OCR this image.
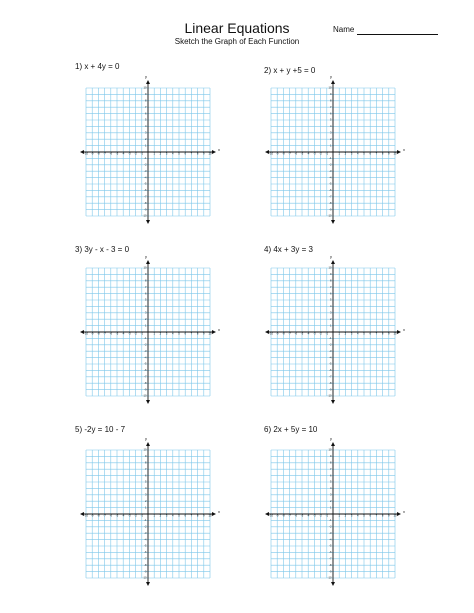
Linear Equations
Sketch the Graph of Each Function
Name
1) x + 4y = 0	2) x + y +5 = 0
3) 3y - x - 3 = 0	4) 4x + 3y = 3
5) -2y = 10 - 7	6) 2x + 5y = 10
x
y
-10 -9 -8 -7 -6 -5 -4 -3 -2 -1	1 2 3 4 5 6 7 8 9 10
10
9
8
7
6
5
4
3
2
1
-1
-2
-3
-4
-5
-6
-7
-8
-9
-10
x
y
-10 -9 -8 -7 -6 -5 -4 -3 -2 -1	1 2 3 4 5 6 7 8 9 10
10
9
8
7
6
5
4
3
2
1
-1
-2
-3
-4
-5
-6
-7
-8
-9
-10
x
y
-10 -9 -8 -7 -6 -5 -4 -3 -2 -1	1 2 3 4 5 6 7 8 9 10
10
9
8
7
6
5
4
3
2
1
-1
-2
-3
-4
-5
-6
-7
-8
-9
-10
x
y
-10 -9 -8 -7 -6 -5 -4 -3 -2 -1	1 2 3 4 5 6 7 8 9 10
10
9
8
7
6
5
4
3
2
1
-1
-2
-3
-4
-5
-6
-7
-8
-9
-10
x
y
-10 -9 -8 -7 -6 -5 -4 -3 -2 -1	1 2 3 4 5 6 7 8 9 10
10
9
8
7
6
5
4
3
2
1
-1
-2
-3
-4
-5
-6
-7
-8
-9
-10
x
y
-10 -9 -8 -7 -6 -5 -4 -3 -2 -1	1 2 3 4 5 6 7 8 9 10
10
9
8
7
6
5
4
3
2
1
-1
-2
-3
-4
-5
-6
-7
-8
-9
-10
